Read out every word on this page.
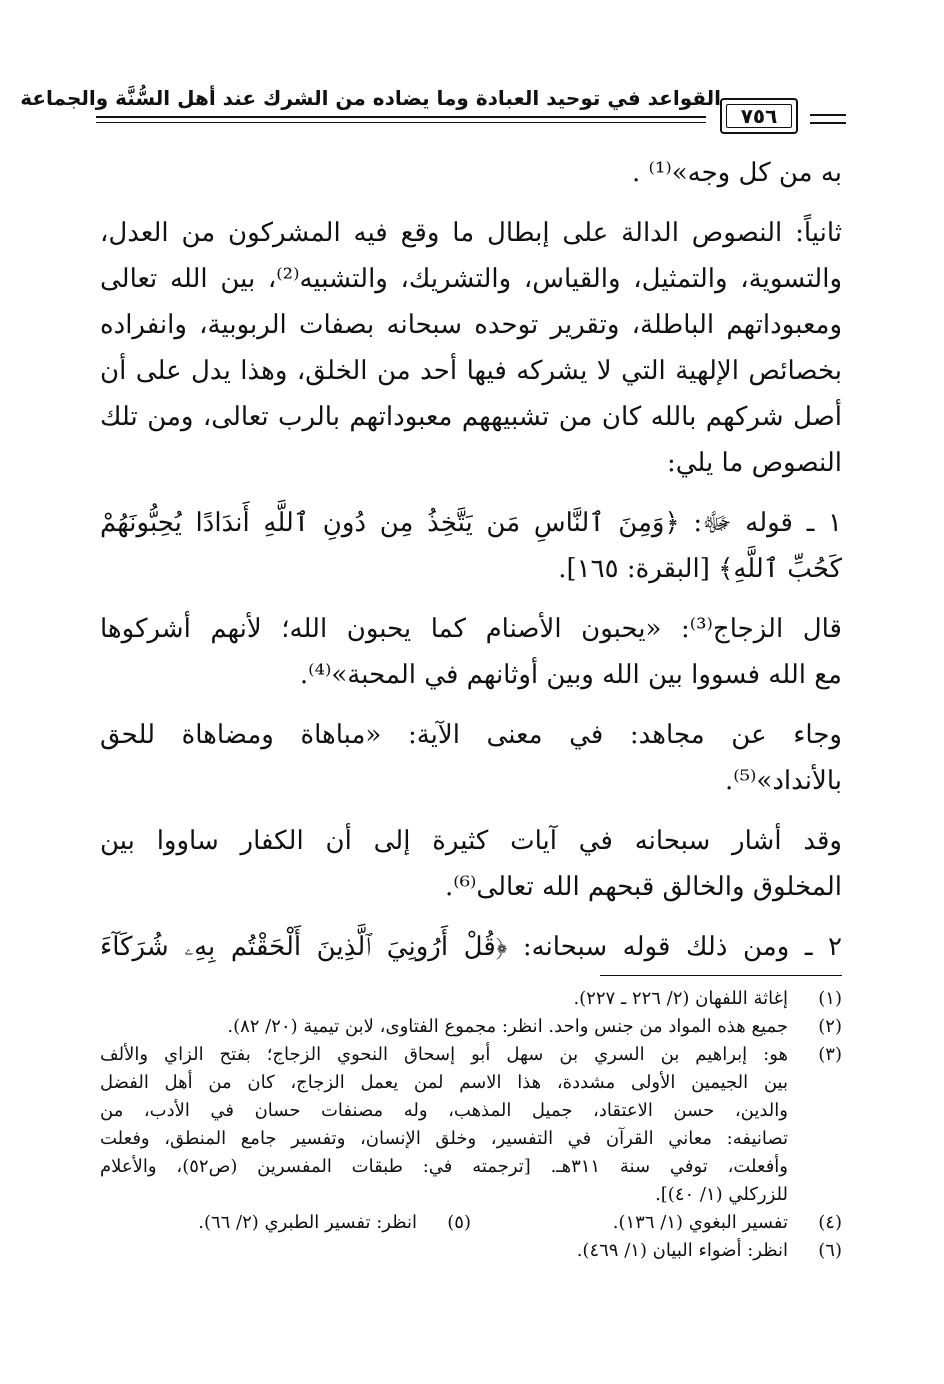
القواعد في توحيد العبادة وما يضاده من الشرك عند أهل السُّنَّة والجماعة
٧٥٦
به من كل وجه»⁽¹⁾ .
ثانياً: النصوص الدالة على إبطال ما وقع فيه المشركون من العدل،
والتسوية، والتمثيل، والقياس، والتشريك، والتشبيه⁽²⁾، بين الله تعالى
ومعبوداتهم الباطلة، وتقرير توحده سبحانه بصفات الربوبية، وانفراده
بخصائص الإلهية التي لا يشركه فيها أحد من الخلق، وهذا يدل على أن
أصل شركهم بالله كان من تشبيههم معبوداتهم بالرب تعالى، ومن تلك
النصوص ما يلي:
١ ـ قوله ﷻ: ﴿وَمِنَ ٱلنَّاسِ مَن يَتَّخِذُ مِن دُونِ ٱللَّهِ أَندَادًا يُحِبُّونَهُمْ
كَحُبِّ ٱللَّهِ﴾ [البقرة: ١٦٥].
قال الزجاج⁽³⁾: «يحبون الأصنام كما يحبون الله؛ لأنهم أشركوها
مع الله فسووا بين الله وبين أوثانهم في المحبة»⁽⁴⁾.
وجاء عن مجاهد: في معنى الآية: «مباهاة ومضاهاة للحق
بالأنداد»⁽⁵⁾.
وقد أشار سبحانه في آيات كثيرة إلى أن الكفار ساووا بين
المخلوق والخالق قبحهم الله تعالى⁽⁶⁾.
٢ ـ ومن ذلك قوله سبحانه: ﴿قُلْ أَرُونِيَ ٱلَّذِينَ أَلْحَقْتُم بِهِۦ شُرَكَآءَ
(١)
إغاثة اللفهان (٢/ ٢٢٦ ـ ٢٢٧).
(٢)
جميع هذه المواد من جنس واحد. انظر: مجموع الفتاوى، لابن تيمية (٢٠/ ٨٢).
(٣)
هو: إبراهيم بن السري بن سهل أبو إسحاق النحوي الزجاج؛ بفتح الزاي والألف
بين الجيمين الأولى مشددة، هذا الاسم لمن يعمل الزجاج، كان من أهل الفضل
والدين، حسن الاعتقاد، جميل المذهب، وله مصنفات حسان في الأدب، من
تصانيفه: معاني القرآن في التفسير، وخلق الإنسان، وتفسير جامع المنطق، وفعلت
وأفعلت، توفي سنة ٣١١هـ. [ترجمته في: طبقات المفسرين (ص٥٢)، والأعلام
للزركلي (١/ ٤٠)].
(٤)
تفسير البغوي (١/ ١٣٦).
(٥)
انظر: تفسير الطبري (٢/ ٦٦).
(٦)
انظر: أضواء البيان (١/ ٤٦٩).
